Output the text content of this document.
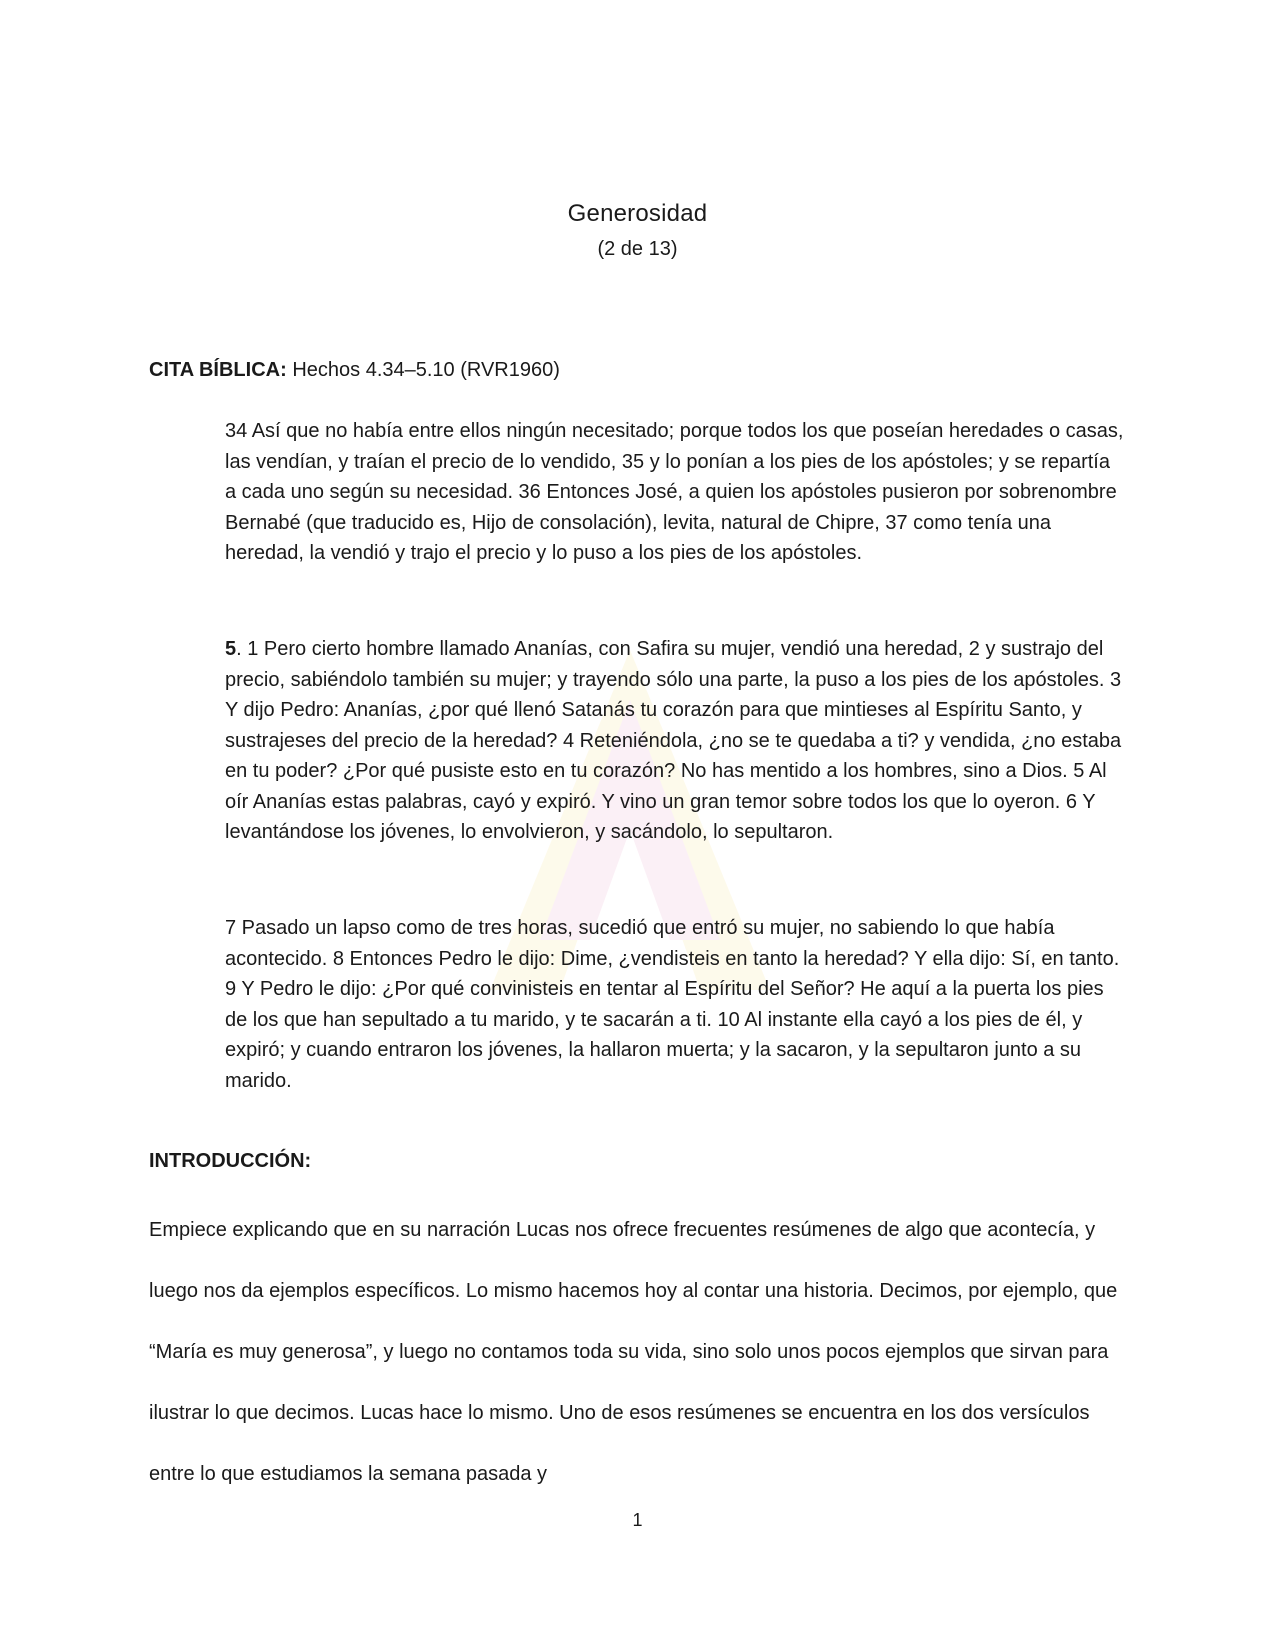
Generosidad
(2 de 13)
CITA BÍBLICA: Hechos 4.34–5.10 (RVR1960)

34 Así que no había entre ellos ningún necesitado; porque todos los que poseían heredades o casas, las vendían, y traían el precio de lo vendido, 35 y lo ponían a los pies de los apóstoles; y se repartía a cada uno según su necesidad. 36 Entonces José, a quien los apóstoles pusieron por sobrenombre Bernabé (que traducido es, Hijo de consolación), levita, natural de Chipre, 37 como tenía una heredad, la vendió y trajo el precio y lo puso a los pies de los apóstoles.

5. 1 Pero cierto hombre llamado Ananías, con Safira su mujer, vendió una heredad, 2 y sustrajo del precio, sabiéndolo también su mujer; y trayendo sólo una parte, la puso a los pies de los apóstoles. 3 Y dijo Pedro: Ananías, ¿por qué llenó Satanás tu corazón para que mintieses al Espíritu Santo, y sustrajeses del precio de la heredad? 4 Reteniéndola, ¿no se te quedaba a ti? y vendida, ¿no estaba en tu poder? ¿Por qué pusiste esto en tu corazón? No has mentido a los hombres, sino a Dios. 5 Al oír Ananías estas palabras, cayó y expiró. Y vino un gran temor sobre todos los que lo oyeron. 6 Y levantándose los jóvenes, lo envolvieron, y sacándolo, lo sepultaron.

7 Pasado un lapso como de tres horas, sucedió que entró su mujer, no sabiendo lo que había acontecido. 8 Entonces Pedro le dijo: Dime, ¿vendisteis en tanto la heredad? Y ella dijo: Sí, en tanto. 9 Y Pedro le dijo: ¿Por qué convinisteis en tentar al Espíritu del Señor? He aquí a la puerta los pies de los que han sepultado a tu marido, y te sacarán a ti. 10 Al instante ella cayó a los pies de él, y expiró; y cuando entraron los jóvenes, la hallaron muerta; y la sacaron, y la sepultaron junto a su marido.

INTRODUCCIÓN:

Empiece explicando que en su narración Lucas nos ofrece frecuentes resúmenes de algo que acontecía, y luego nos da ejemplos específicos. Lo mismo hacemos hoy al contar una historia. Decimos, por ejemplo, que “María es muy generosa”, y luego no contamos toda su vida, sino solo unos pocos ejemplos que sirvan para ilustrar lo que decimos. Lucas hace lo mismo. Uno de esos resúmenes se encuentra en los dos versículos entre lo que estudiamos la semana pasada y

1
